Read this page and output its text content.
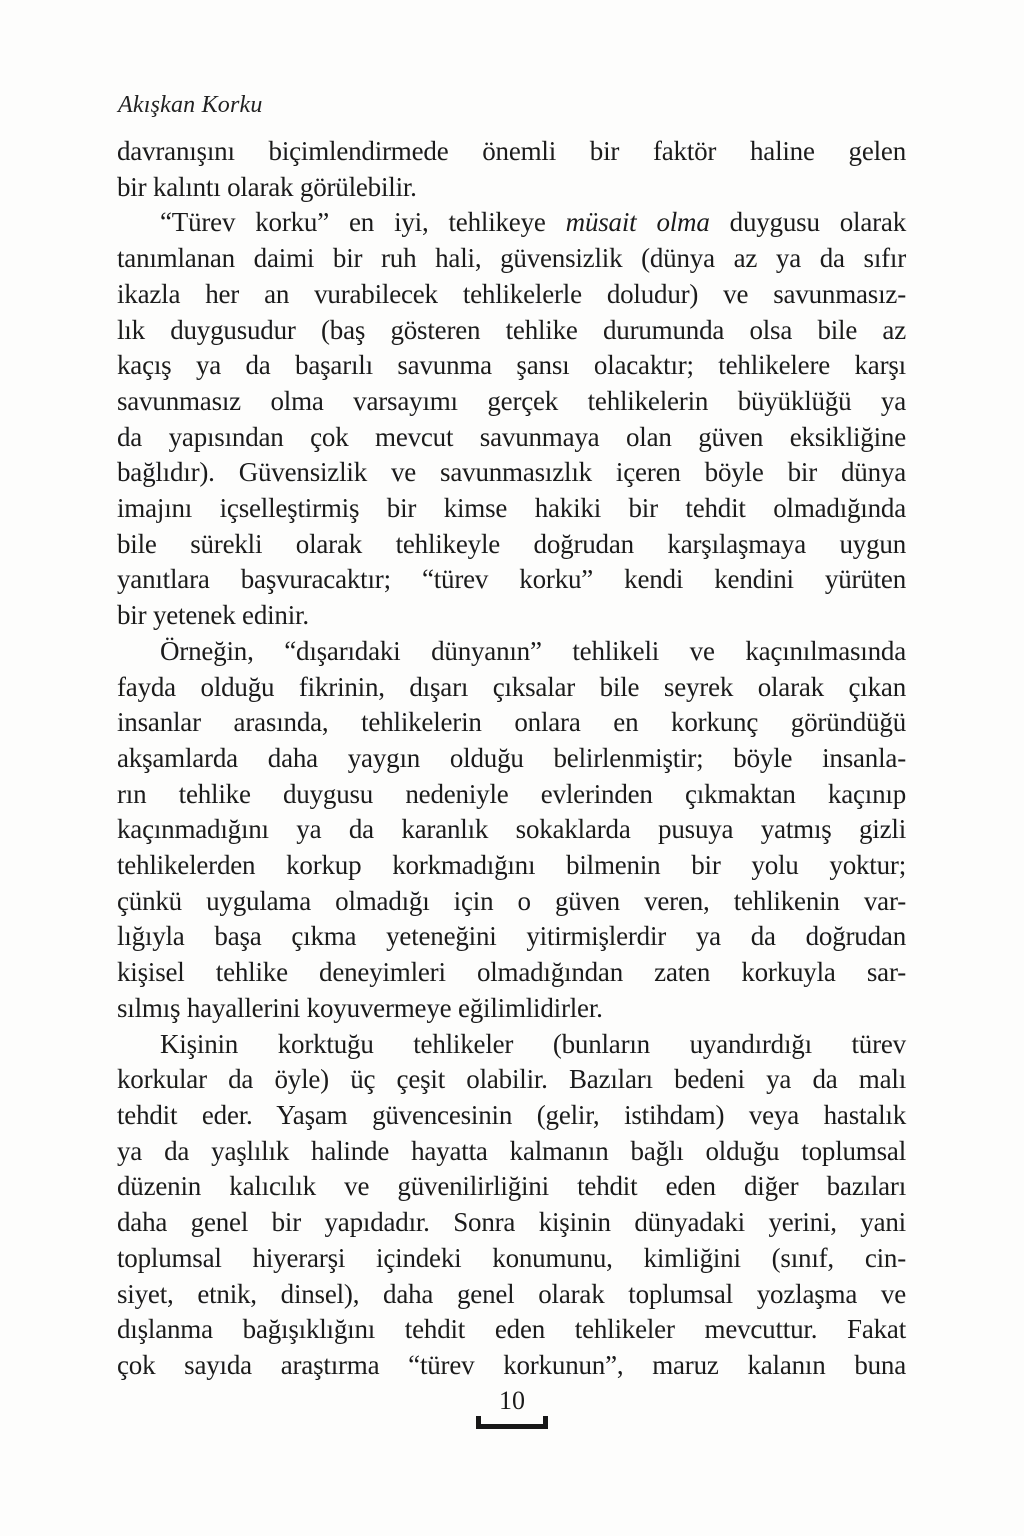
Akışkan Korku
davranışını biçimlendirmede önemli bir faktör haline gelen
bir kalıntı olarak görülebilir.
“Türev korku” en iyi, tehlikeye müsait olma duygusu olarak
tanımlanan daimi bir ruh hali, güvensizlik (dünya az ya da sıfır
ikazla her an vurabilecek tehlikelerle doludur) ve savunmasız-
lık duygusudur (baş gösteren tehlike durumunda olsa bile az
kaçış ya da başarılı savunma şansı olacaktır; tehlikelere karşı
savunmasız olma varsayımı gerçek tehlikelerin büyüklüğü ya
da yapısından çok mevcut savunmaya olan güven eksikliğine
bağlıdır). Güvensizlik ve savunmasızlık içeren böyle bir dünya
imajını içselleştirmiş bir kimse hakiki bir tehdit olmadığında
bile sürekli olarak tehlikeyle doğrudan karşılaşmaya uygun
yanıtlara başvuracaktır; “türev korku” kendi kendini yürüten
bir yetenek edinir.
Örneğin, “dışarıdaki dünyanın” tehlikeli ve kaçınılmasında
fayda olduğu fikrinin, dışarı çıksalar bile seyrek olarak çıkan
insanlar arasında, tehlikelerin onlara en korkunç göründüğü
akşamlarda daha yaygın olduğu belirlenmiştir; böyle insanla-
rın tehlike duygusu nedeniyle evlerinden çıkmaktan kaçınıp
kaçınmadığını ya da karanlık sokaklarda pusuya yatmış gizli
tehlikelerden korkup korkmadığını bilmenin bir yolu yoktur;
çünkü uygulama olmadığı için o güven veren, tehlikenin var-
lığıyla başa çıkma yeteneğini yitirmişlerdir ya da doğrudan
kişisel tehlike deneyimleri olmadığından zaten korkuyla sar-
sılmış hayallerini koyuvermeye eğilimlidirler.
Kişinin korktuğu tehlikeler (bunların uyandırdığı türev
korkular da öyle) üç çeşit olabilir. Bazıları bedeni ya da malı
tehdit eder. Yaşam güvencesinin (gelir, istihdam) veya hastalık
ya da yaşlılık halinde hayatta kalmanın bağlı olduğu toplumsal
düzenin kalıcılık ve güvenilirliğini tehdit eden diğer bazıları
daha genel bir yapıdadır. Sonra kişinin dünyadaki yerini, yani
toplumsal hiyerarşi içindeki konumunu, kimliğini (sınıf, cin-
siyet, etnik, dinsel), daha genel olarak toplumsal yozlaşma ve
dışlanma bağışıklığını tehdit eden tehlikeler mevcuttur. Fakat
çok sayıda araştırma “türev korkunun”, maruz kalanın buna
10
